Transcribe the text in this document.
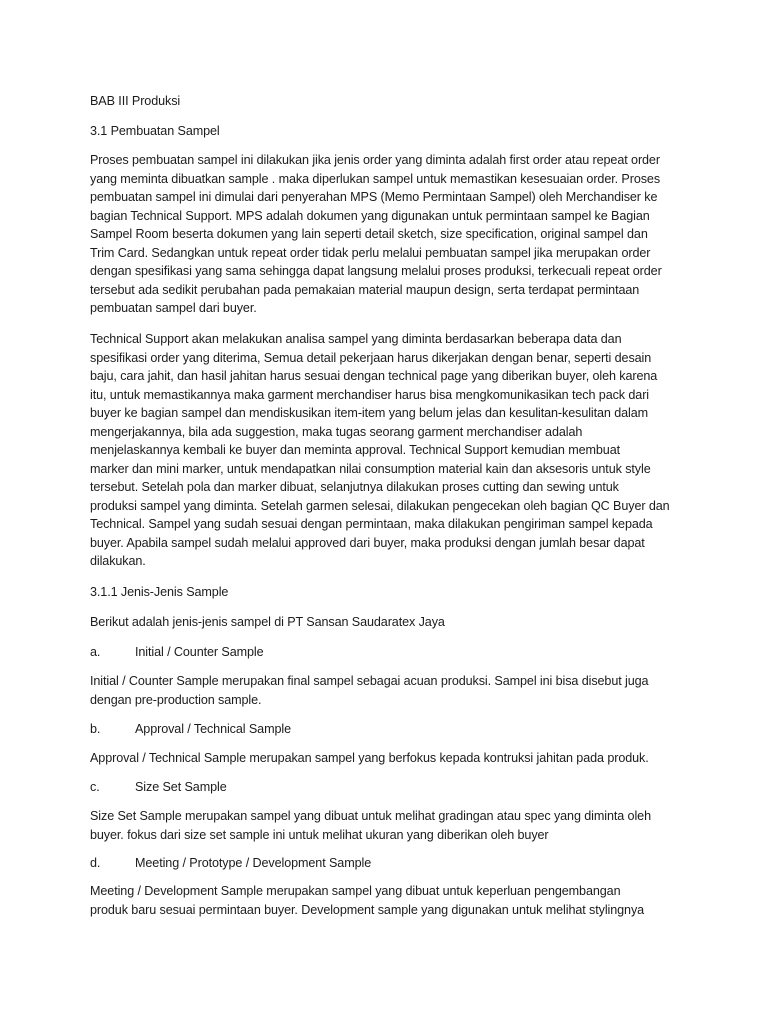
BAB III Produksi

3.1 Pembuatan Sampel

Proses pembuatan sampel ini dilakukan jika jenis order yang diminta adalah first order atau repeat order

yang meminta dibuatkan sample . maka diperlukan sampel untuk memastikan kesesuaian order. Proses

pembuatan sampel ini dimulai dari penyerahan MPS (Memo Permintaan Sampel) oleh Merchandiser ke

bagian Technical Support. MPS adalah dokumen yang digunakan untuk permintaan sampel ke Bagian

Sampel Room beserta dokumen yang lain seperti detail sketch, size specification, original sampel dan

Trim Card. Sedangkan untuk repeat order tidak perlu melalui pembuatan sampel jika merupakan order

dengan spesifikasi yang sama sehingga dapat langsung melalui proses produksi, terkecuali repeat order

tersebut ada sedikit perubahan pada pemakaian material maupun design, serta terdapat permintaan

pembuatan sampel dari buyer.

Technical Support akan melakukan analisa sampel yang diminta berdasarkan beberapa data dan

spesifikasi order yang diterima, Semua detail pekerjaan harus dikerjakan dengan benar, seperti desain

baju, cara jahit, dan hasil jahitan harus sesuai dengan technical page yang diberikan buyer, oleh karena

itu, untuk memastikannya maka garment merchandiser harus bisa mengkomunikasikan tech pack dari

buyer ke bagian sampel dan mendiskusikan item-item yang belum jelas dan kesulitan-kesulitan dalam

mengerjakannya, bila ada suggestion, maka tugas seorang garment merchandiser adalah

menjelaskannya kembali ke buyer dan meminta approval. Technical Support kemudian membuat

marker dan mini marker, untuk mendapatkan nilai consumption material kain dan aksesoris untuk style

tersebut. Setelah pola dan marker dibuat, selanjutnya dilakukan proses cutting dan sewing untuk

produksi sampel yang diminta. Setelah garmen selesai, dilakukan pengecekan oleh bagian QC Buyer dan

Technical. Sampel yang sudah sesuai dengan permintaan, maka dilakukan pengiriman sampel kepada

buyer. Apabila sampel sudah melalui approved dari buyer, maka produksi dengan jumlah besar dapat

dilakukan.

3.1.1 Jenis-Jenis Sample

Berikut adalah jenis-jenis sampel di PT Sansan Saudaratex Jaya

a.	Initial / Counter Sample

Initial / Counter Sample merupakan final sampel sebagai acuan produksi. Sampel ini bisa disebut juga

dengan pre-production sample.

b.	Approval / Technical Sample

Approval / Technical Sample merupakan sampel yang berfokus kepada kontruksi jahitan pada produk.

c.	Size Set Sample

Size Set Sample merupakan sampel yang dibuat untuk melihat gradingan atau spec yang diminta oleh

buyer. fokus dari size set sample ini untuk melihat ukuran yang diberikan oleh buyer

d.	Meeting / Prototype / Development Sample

Meeting / Development Sample merupakan sampel yang dibuat untuk keperluan pengembangan

produk baru sesuai permintaan buyer. Development sample yang digunakan untuk melihat stylingnya
